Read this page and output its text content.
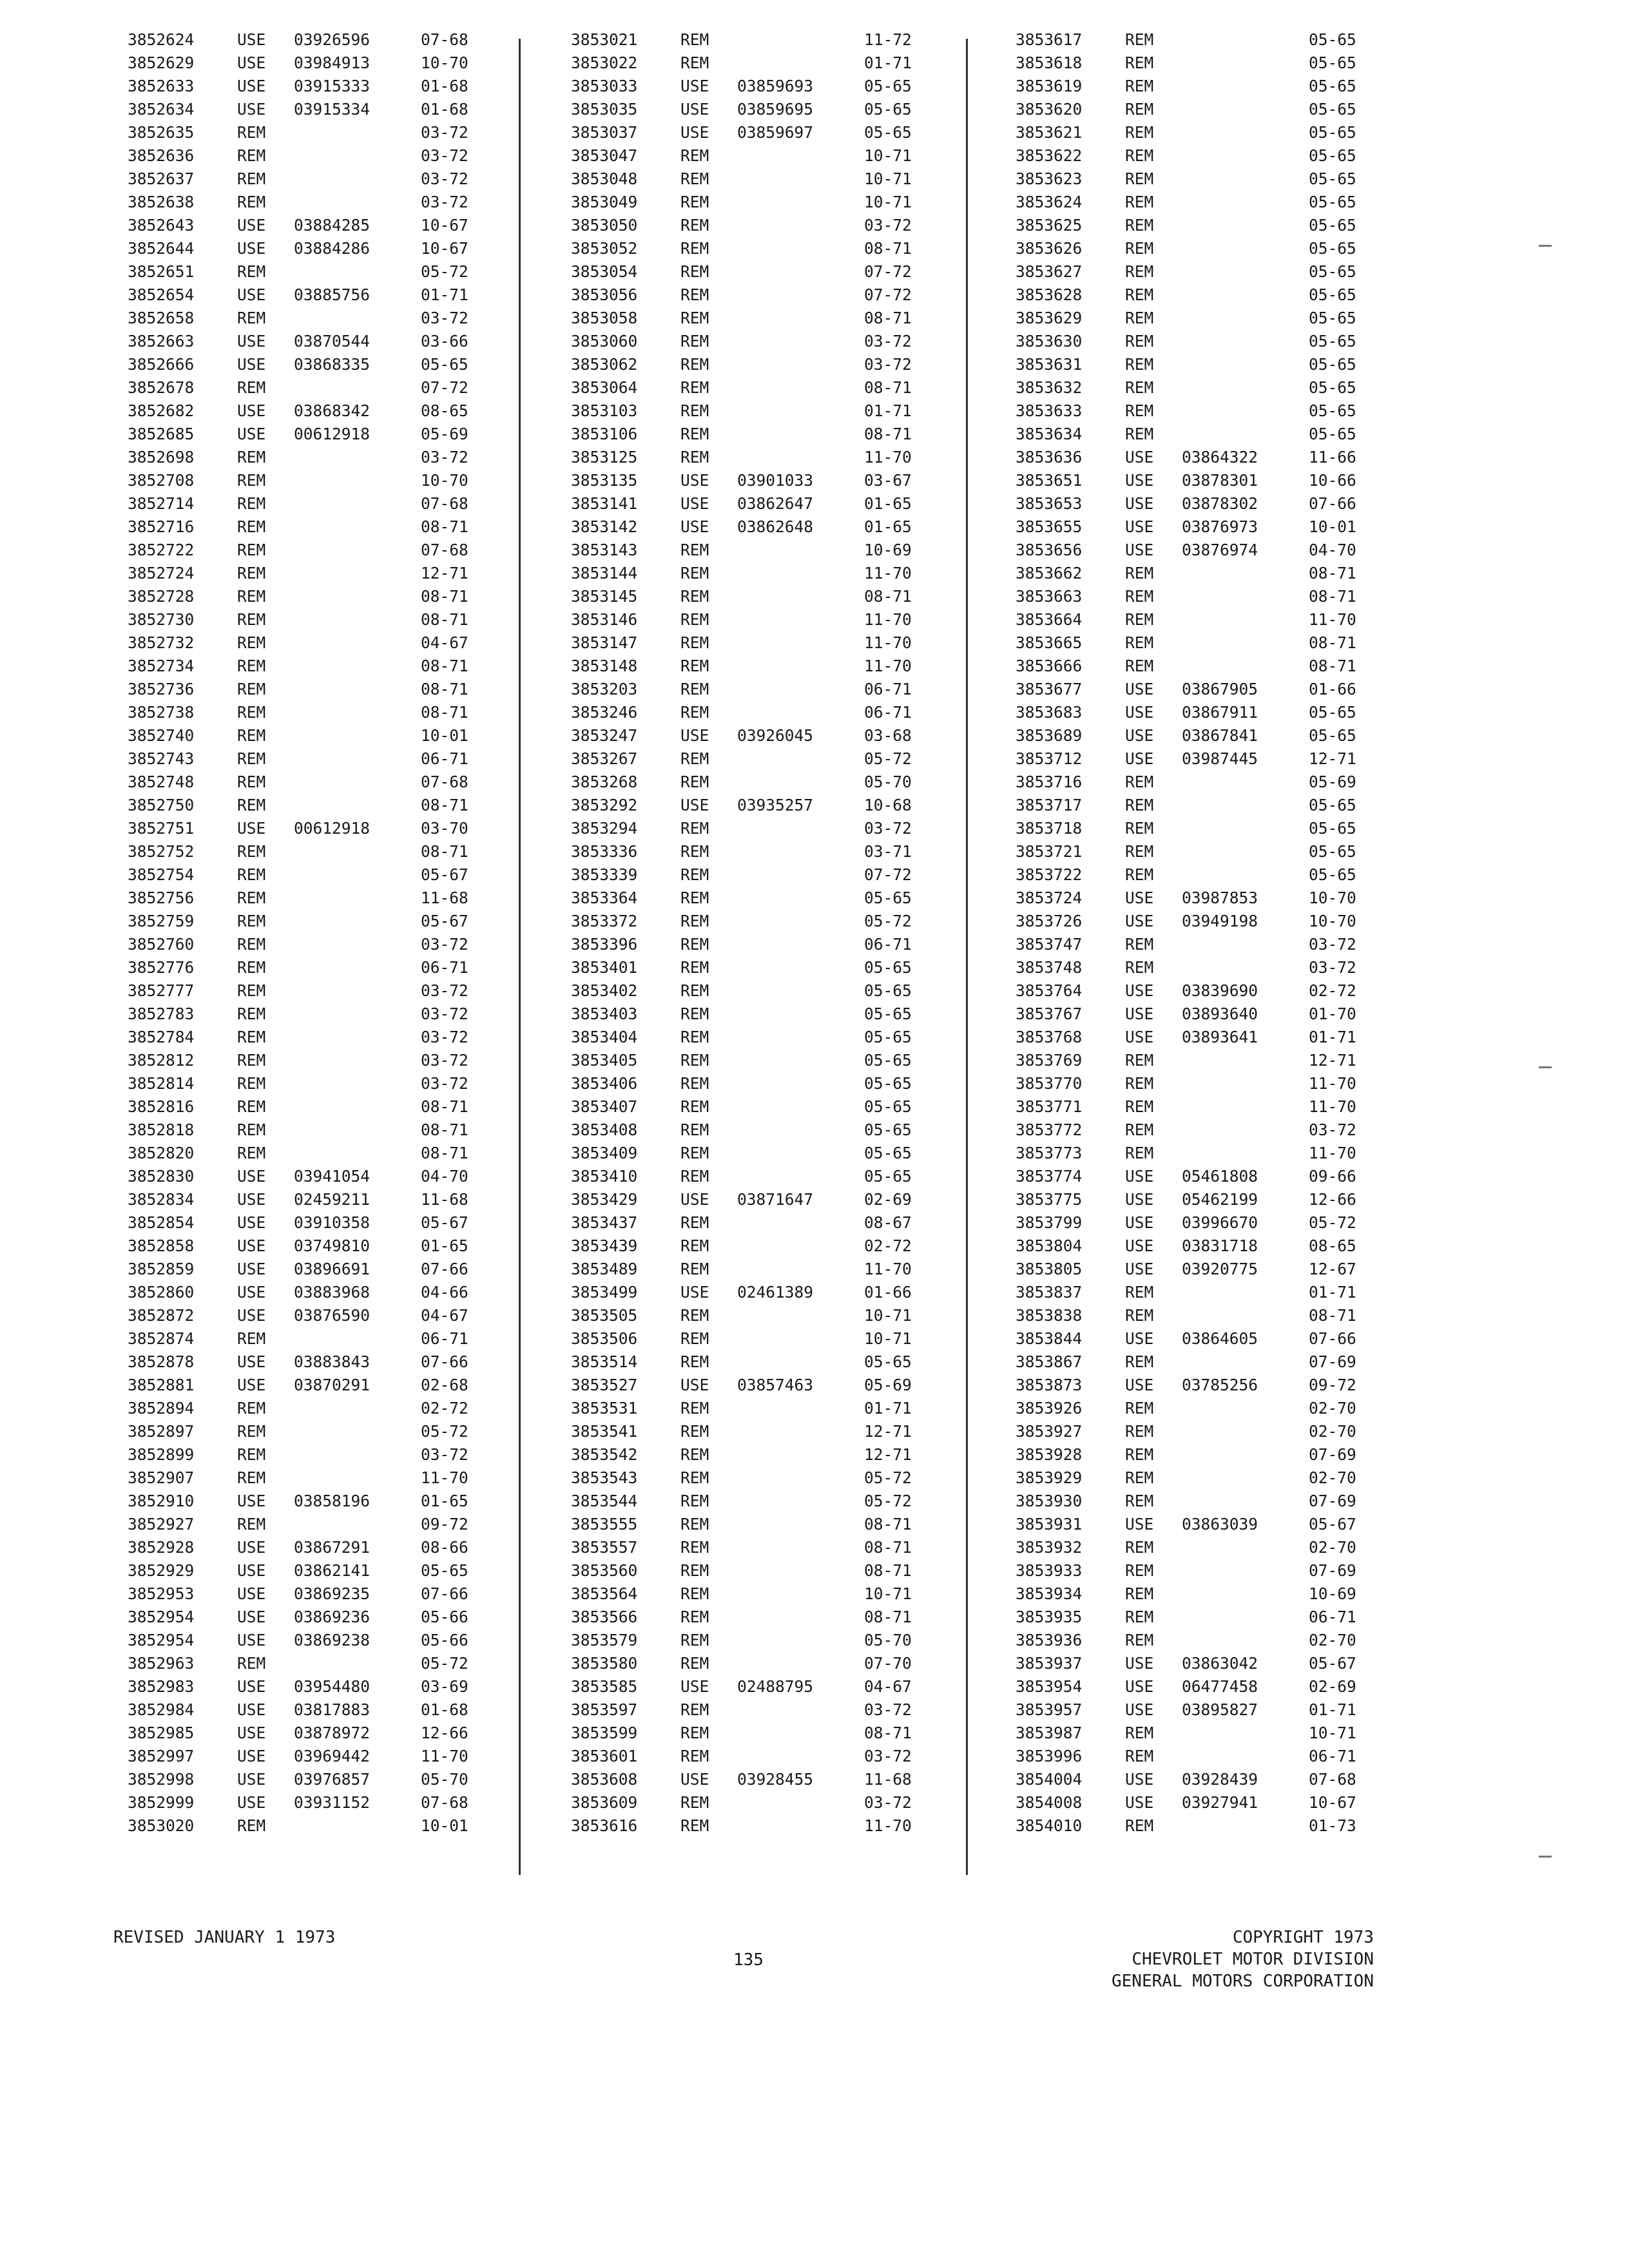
3852624	USE 03926596	07-68
3852629	USE 03984913	10-70
3852633	USE 03915333	01-68
3852634	USE 03915334	01-68
3852635	REM	03-72
3852636	REM	03-72
3852637	REM	03-72
3852638	REM	03-72
3852643	USE 03884285	10-67
3852644	USE 03884286	10-67
3852651	REM	05-72
3852654	USE 03885756	01-71
3852658	REM	03-72
3852663	USE 03870544	03-66
3852666	USE 03868335	05-65
3852678	REM	07-72
3852682	USE 03868342	08-65
3852685	USE 00612918	05-69
3852698	REM	03-72
3852708	REM	10-70
3852714	REM	07-68
3852716	REM	08-71
3852722	REM	07-68
3852724	REM	12-71
3852728	REM	08-71
3852730	REM	08-71
3852732	REM	04-67
3852734	REM	08-71
3852736	REM	08-71
3852738	REM	08-71
3852740	REM	10-01
3852743	REM	06-71
3852748	REM	07-68
3852750	REM	08-71
3852751	USE 00612918	03-70
3852752	REM	08-71
3852754	REM	05-67
3852756	REM	11-68
3852759	REM	05-67
3852760	REM	03-72
3852776	REM	06-71
3852777	REM	03-72
3852783	REM	03-72
3852784	REM	03-72
3852812	REM	03-72
3852814	REM	03-72
3852816	REM	08-71
3852818	REM	08-71
3852820	REM	08-71
3852830	USE 03941054	04-70
3852834	USE 02459211	11-68
3852854	USE 03910358	05-67
3852858	USE 03749810	01-65
3852859	USE 03896691	07-66
3852860	USE 03883968	04-66
3852872	USE 03876590	04-67
3852874	REM	06-71
3852878	USE 03883843	07-66
3852881	USE 03870291	02-68
3852894	REM	02-72
3852897	REM	05-72
3852899	REM	03-72
3852907	REM	11-70
3852910	USE 03858196	01-65
3852927	REM	09-72
3852928	USE 03867291	08-66
3852929	USE 03862141	05-65
3852953	USE 03869235	07-66
3852954	USE 03869236	05-66
3852954	USE 03869238	05-66
3852963	REM	05-72
3852983	USE 03954480	03-69
3852984	USE 03817883	01-68
3852985	USE 03878972	12-66
3852997	USE 03969442	11-70
3852998	USE 03976857	05-70
3852999	USE 03931152	07-68
3853020	REM	10-01
3853021	REM	11-72
3853022	REM	01-71
3853033	USE 03859693	05-65
3853035	USE 03859695	05-65
3853037	USE 03859697	05-65
3853047	REM	10-71
3853048	REM	10-71
3853049	REM	10-71
3853050	REM	03-72
3853052	REM	08-71
3853054	REM	07-72
3853056	REM	07-72
3853058	REM	08-71
3853060	REM	03-72
3853062	REM	03-72
3853064	REM	08-71
3853103	REM	01-71
3853106	REM	08-71
3853125	REM	11-70
3853135	USE 03901033	03-67
3853141	USE 03862647	01-65
3853142	USE 03862648	01-65
3853143	REM	10-69
3853144	REM	11-70
3853145	REM	08-71
3853146	REM	11-70
3853147	REM	11-70
3853148	REM	11-70
3853203	REM	06-71
3853246	REM	06-71
3853247	USE 03926045	03-68
3853267	REM	05-72
3853268	REM	05-70
3853292	USE 03935257	10-68
3853294	REM	03-72
3853336	REM	03-71
3853339	REM	07-72
3853364	REM	05-65
3853372	REM	05-72
3853396	REM	06-71
3853401	REM	05-65
3853402	REM	05-65
3853403	REM	05-65
3853404	REM	05-65
3853405	REM	05-65
3853406	REM	05-65
3853407	REM	05-65
3853408	REM	05-65
3853409	REM	05-65
3853410	REM	05-65
3853429	USE 03871647	02-69
3853437	REM	08-67
3853439	REM	02-72
3853489	REM	11-70
3853499	USE 02461389	01-66
3853505	REM	10-71
3853506	REM	10-71
3853514	REM	05-65
3853527	USE 03857463	05-69
3853531	REM	01-71
3853541	REM	12-71
3853542	REM	12-71
3853543	REM	05-72
3853544	REM	05-72
3853555	REM	08-71
3853557	REM	08-71
3853560	REM	08-71
3853564	REM	10-71
3853566	REM	08-71
3853579	REM	05-70
3853580	REM	07-70
3853585	USE 02488795	04-67
3853597	REM	03-72
3853599	REM	08-71
3853601	REM	03-72
3853608	USE 03928455	11-68
3853609	REM	03-72
3853616	REM	11-70
3853617	REM	05-65
3853618	REM	05-65
3853619	REM	05-65
3853620	REM	05-65
3853621	REM	05-65
3853622	REM	05-65
3853623	REM	05-65
3853624	REM	05-65
3853625	REM	05-65
3853626	REM	05-65
3853627	REM	05-65
3853628	REM	05-65
3853629	REM	05-65
3853630	REM	05-65
3853631	REM	05-65
3853632	REM	05-65
3853633	REM	05-65
3853634	REM	05-65
3853636	USE 03864322	11-66
3853651	USE 03878301	10-66
3853653	USE 03878302	07-66
3853655	USE 03876973	10-01
3853656	USE 03876974	04-70
3853662	REM	08-71
3853663	REM	08-71
3853664	REM	11-70
3853665	REM	08-71
3853666	REM	08-71
3853677	USE 03867905	01-66
3853683	USE 03867911	05-65
3853689	USE 03867841	05-65
3853712	USE 03987445	12-71
3853716	REM	05-69
3853717	REM	05-65
3853718	REM	05-65
3853721	REM	05-65
3853722	REM	05-65
3853724	USE 03987853	10-70
3853726	USE 03949198	10-70
3853747	REM	03-72
3853748	REM	03-72
3853764	USE 03839690	02-72
3853767	USE 03893640	01-70
3853768	USE 03893641	01-71
3853769	REM	12-71
3853770	REM	11-70
3853771	REM	11-70
3853772	REM	03-72
3853773	REM	11-70
3853774	USE 05461808	09-66
3853775	USE 05462199	12-66
3853799	USE 03996670	05-72
3853804	USE 03831718	08-65
3853805	USE 03920775	12-67
3853837	REM	01-71
3853838	REM	08-71
3853844	USE 03864605	07-66
3853867	REM	07-69
3853873	USE 03785256	09-72
3853926	REM	02-70
3853927	REM	02-70
3853928	REM	07-69
3853929	REM	02-70
3853930	REM	07-69
3853931	USE 03863039	05-67
3853932	REM	02-70
3853933	REM	07-69
3853934	REM	10-69
3853935	REM	06-71
3853936	REM	02-70
3853937	USE 03863042	05-67
3853954	USE 06477458	02-69
3853957	USE 03895827	01-71
3853987	REM	10-71
3853996	REM	06-71
3854004	USE 03928439	07-68
3854008	USE 03927941	10-67
3854010	REM	01-73
REVISED JANUARY 1 1973
135
COPYRIGHT 1973
CHEVROLET MOTOR DIVISION
GENERAL MOTORS CORPORATION
